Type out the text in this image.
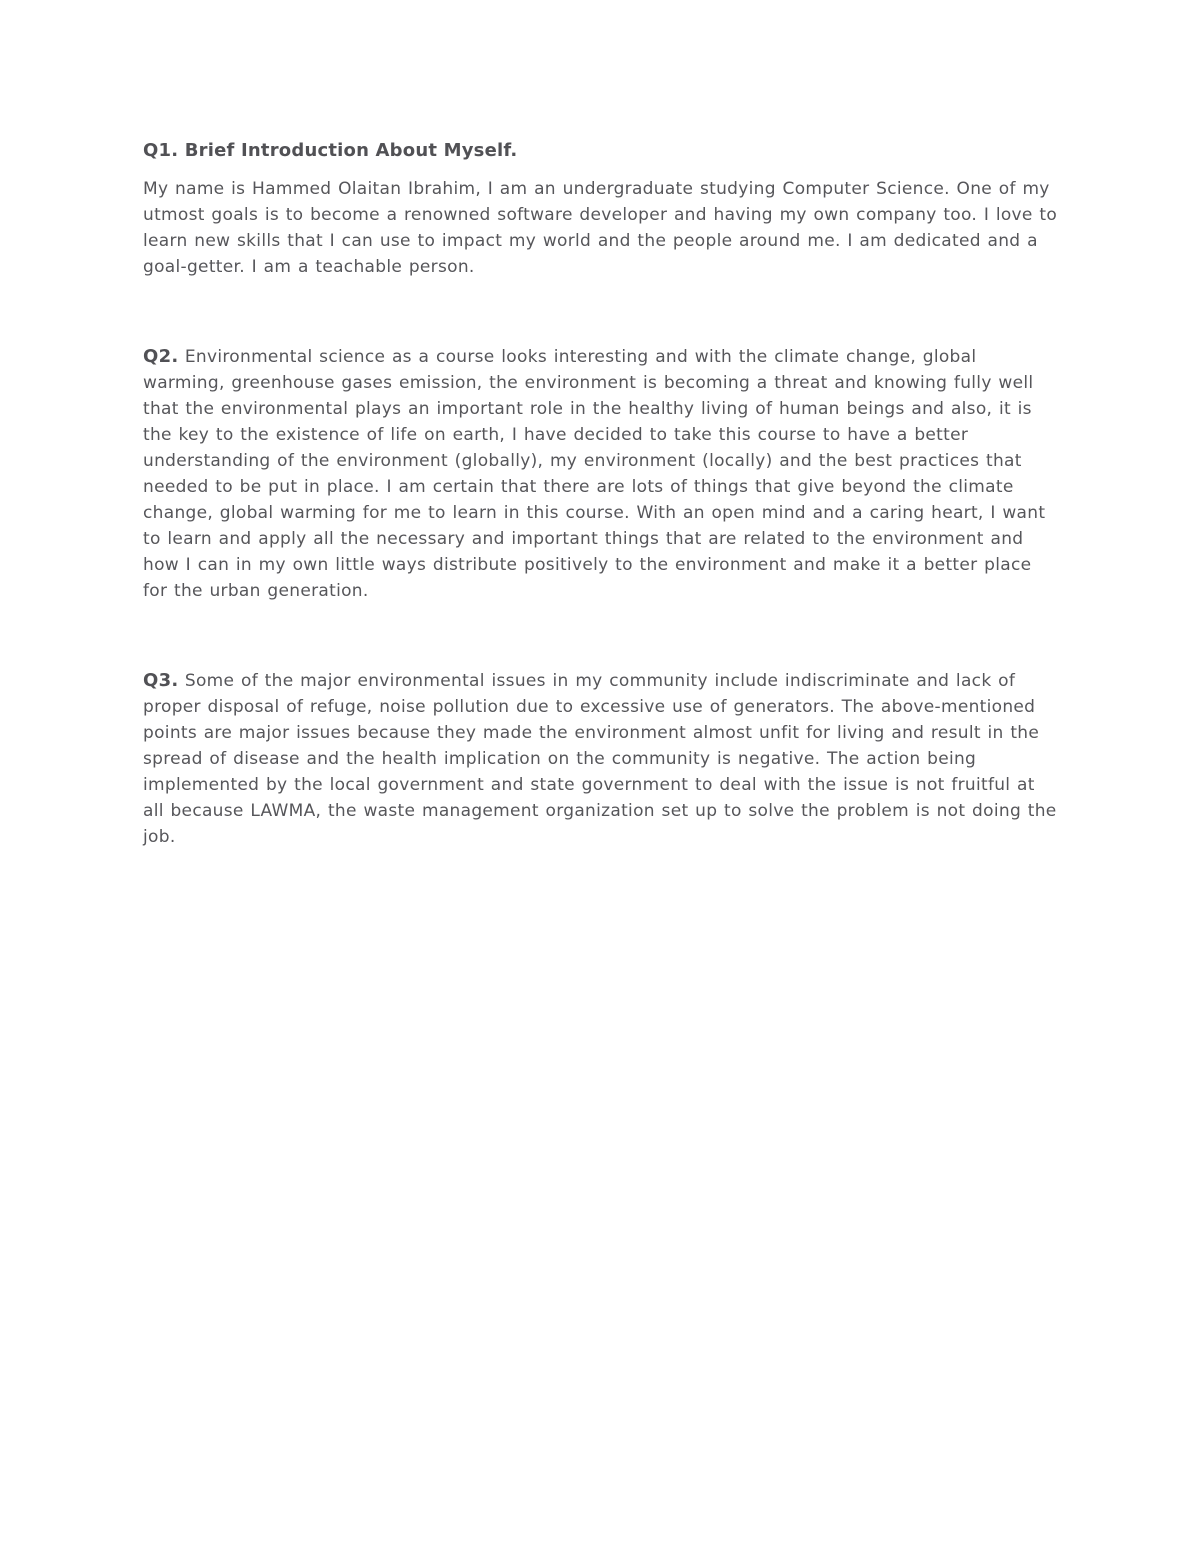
Q1. Brief Introduction About Myself.

My name is Hammed Olaitan Ibrahim, I am an undergraduate studying Computer Science. One of my utmost goals is to become a renowned software developer and having my own company too. I love to learn new skills that I can use to impact my world and the people around me. I am dedicated and a goal-getter. I am a teachable person.

Q2. Environmental science as a course looks interesting and with the climate change, global warming, greenhouse gases emission, the environment is becoming a threat and knowing fully well that the environmental plays an important role in the healthy living of human beings and also, it is the key to the existence of life on earth, I have decided to take this course to have a better understanding of the environment (globally), my environment (locally) and the best practices that needed to be put in place. I am certain that there are lots of things that give beyond the climate change, global warming for me to learn in this course. With an open mind and a caring heart, I want to learn and apply all the necessary and important things that are related to the environment and how I can in my own little ways distribute positively to the environment and make it a better place for the urban generation.

Q3. Some of the major environmental issues in my community include indiscriminate and lack of proper disposal of refuge, noise pollution due to excessive use of generators. The above-mentioned points are major issues because they made the environment almost unfit for living and result in the spread of disease and the health implication on the community is negative. The action being implemented by the local government and state government to deal with the issue is not fruitful at all because LAWMA, the waste management organization set up to solve the problem is not doing the job.
